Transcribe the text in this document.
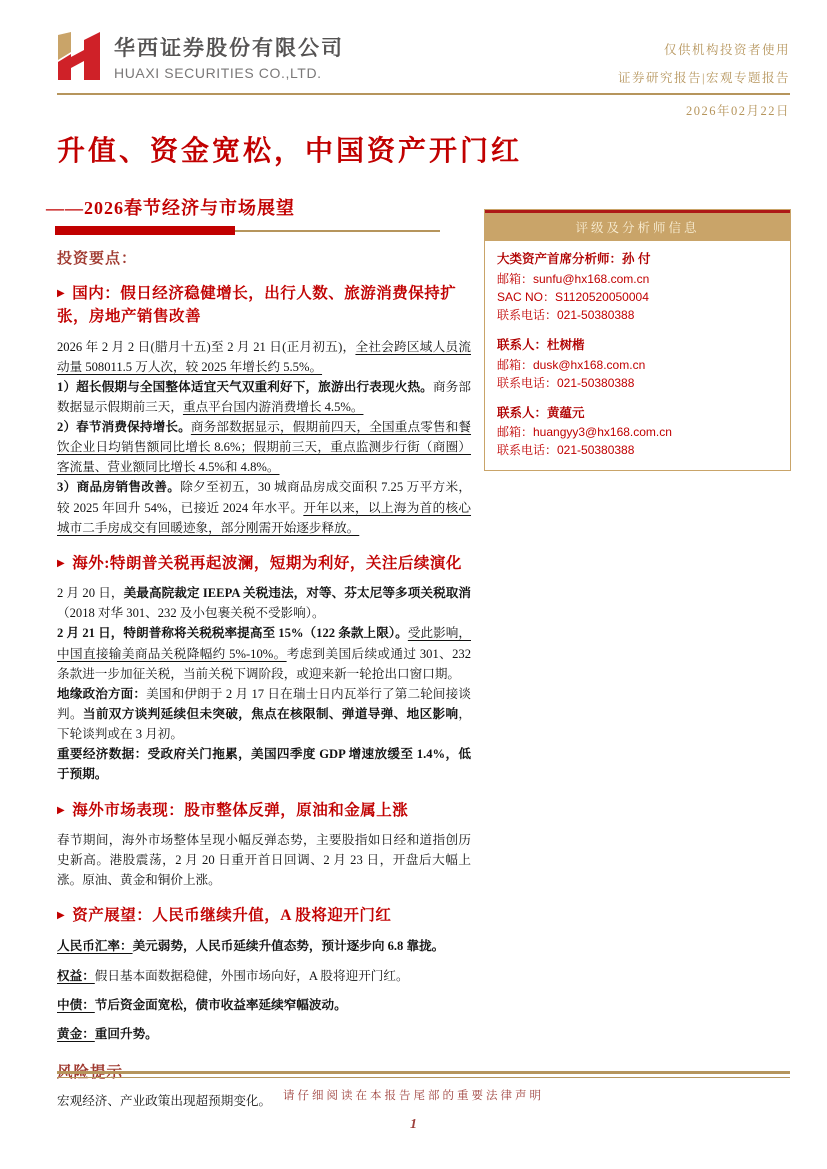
华西证券股份有限公司
HUAXI SECURITIES CO.,LTD.
仅供机构投资者使用
证券研究报告|宏观专题报告
2026年02月22日
升值、资金宽松，中国资产开门红
——2026春节经济与市场展望
评级及分析师信息
大类资产首席分析师：孙 付
邮箱：sunfu@hx168.com.cn
SAC NO：S1120520050004
联系电话：021-50380388
联系人：杜树楷
邮箱：dusk@hx168.com.cn
联系电话：021-50380388
联系人：黄蕴元
邮箱：huangyy3@hx168.com.cn
联系电话：021-50380388
投资要点：
▶ 国内：假日经济稳健增长，出行人数、旅游消费保持扩张，房地产销售改善
2026 年 2 月 2 日(腊月十五)至 2 月 21 日(正月初五)，全社会跨区域人员流动量 508011.5 万人次，较 2025 年增长约 5.5%。
1）超长假期与全国整体适宜天气双重利好下，旅游出行表现火热。商务部数据显示假期前三天，重点平台国内游消费增长 4.5%。
2）春节消费保持增长。商务部数据显示，假期前四天，全国重点零售和餐饮企业日均销售额同比增长 8.6%；假期前三天，重点监测步行街（商圈）客流量、营业额同比增长 4.5%和 4.8%。
3）商品房销售改善。除夕至初五，30 城商品房成交面积 7.25 万平方米，较 2025 年回升 54%，已接近 2024 年水平。开年以来，以上海为首的核心城市二手房成交有回暖迹象，部分刚需开始逐步释放。
▶ 海外:特朗普关税再起波澜，短期为利好，关注后续演化
2 月 20 日，美最高院裁定 IEEPA 关税违法，对等、芬太尼等多项关税取消（2018 对华 301、232 及小包裹关税不受影响）。
2 月 21 日，特朗普称将关税税率提高至 15%（122 条款上限）。受此影响，中国直接输美商品关税降幅约 5%-10%。考虑到美国后续或通过 301、232 条款进一步加征关税，当前关税下调阶段，或迎来新一轮抢出口窗口期。
地缘政治方面：美国和伊朗于 2 月 17 日在瑞士日内瓦举行了第二轮间接谈判。当前双方谈判延续但未突破，焦点在核限制、弹道导弹、地区影响，下轮谈判或在 3 月初。
重要经济数据：受政府关门拖累，美国四季度 GDP 增速放缓至 1.4%，低于预期。
▶ 海外市场表现：股市整体反弹，原油和金属上涨
春节期间，海外市场整体呈现小幅反弹态势，主要股指如日经和道指创历史新高。港股震荡，2 月 20 日重开首日回调、2 月 23 日，开盘后大幅上涨。原油、黄金和铜价上涨。
▶ 资产展望：人民币继续升值，A 股将迎开门红
人民币汇率：美元弱势，人民币延续升值态势，预计逐步向 6.8 靠拢。
权益：假日基本面数据稳健，外围市场向好，A 股将迎开门红。
中债：节后资金面宽松，债市收益率延续窄幅波动。
黄金：重回升势。
宏观经济、产业政策出现超预期变化。	请仔细阅读在本报告尾部的重要法律声明
1
